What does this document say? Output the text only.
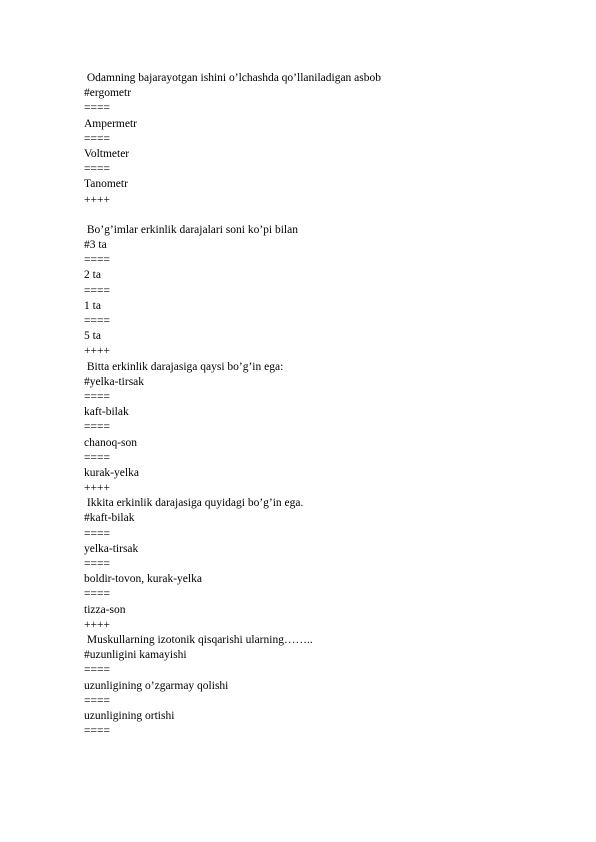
Odamning bajarayotgan ishini o’lchashda qo’llaniladigan asbob
#ergometr
====
Ampermetr
====
Voltmeter
====
Tanometr
++++
Bo’g’imlar erkinlik darajalari soni ko’pi bilan
#3 ta
====
2 ta
====
1 ta
====
5 ta
++++
Bitta erkinlik darajasiga qaysi bo’g’in ega:
#yelka-tirsak
====
kaft-bilak
====
chanoq-son
====
kurak-yelka
++++
Ikkita erkinlik darajasiga quyidagi bo’g’in ega.
#kaft-bilak
====
yelka-tirsak
====
boldir-tovon, kurak-yelka
====
tizza-son
++++
Muskullarning izotonik qisqarishi ularning……..
#uzunligini kamayishi
====
uzunligining o’zgarmay qolishi
====
uzunligining ortishi
====
